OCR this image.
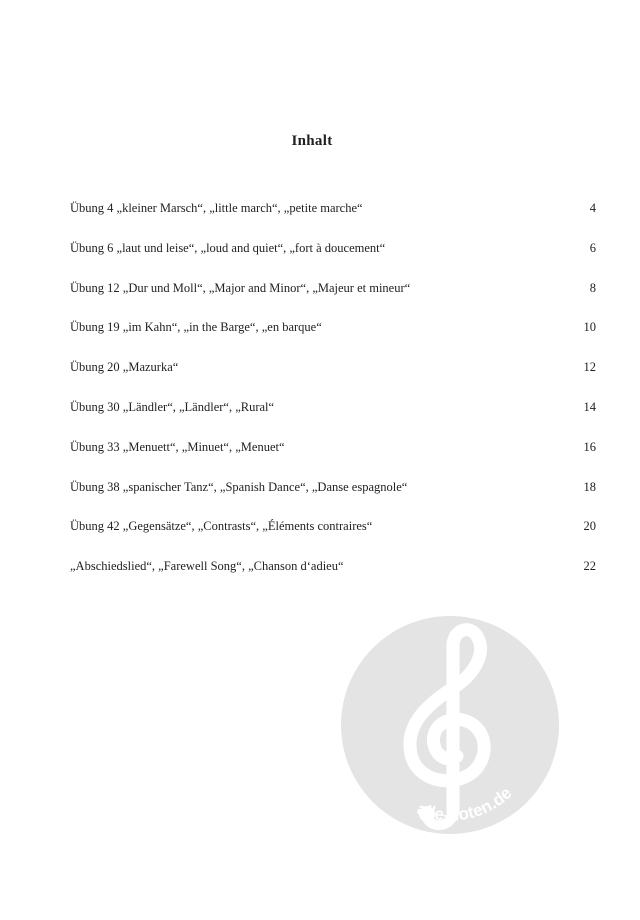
Inhalt
Übung 4 „kleiner Marsch“, „little march“, „petite marche“	4
Übung 6 „laut und leise“, „loud and quiet“, „fort à doucement“	6
Übung 12 „Dur und Moll“, „Major and Minor“, „Majeur et mineur“	8
Übung 19 „im Kahn“, „in the Barge“, „en barque“	10
Übung 20 „Mazurka“	12
Übung 30 „Ländler“, „Ländler“, „Rural“	14
Übung 33 „Menuett“, „Minuet“, „Menuet“	16
Übung 38 „spanischer Tanz“, „Spanish Dance“, „Danse espagnole“	18
Übung 42 „Gegensätze“, „Contrasts“, „Éléments contraires“	20
„Abschiedslied“, „Farewell Song“, „Chanson d‘adieu“	22
alle-noten.de
